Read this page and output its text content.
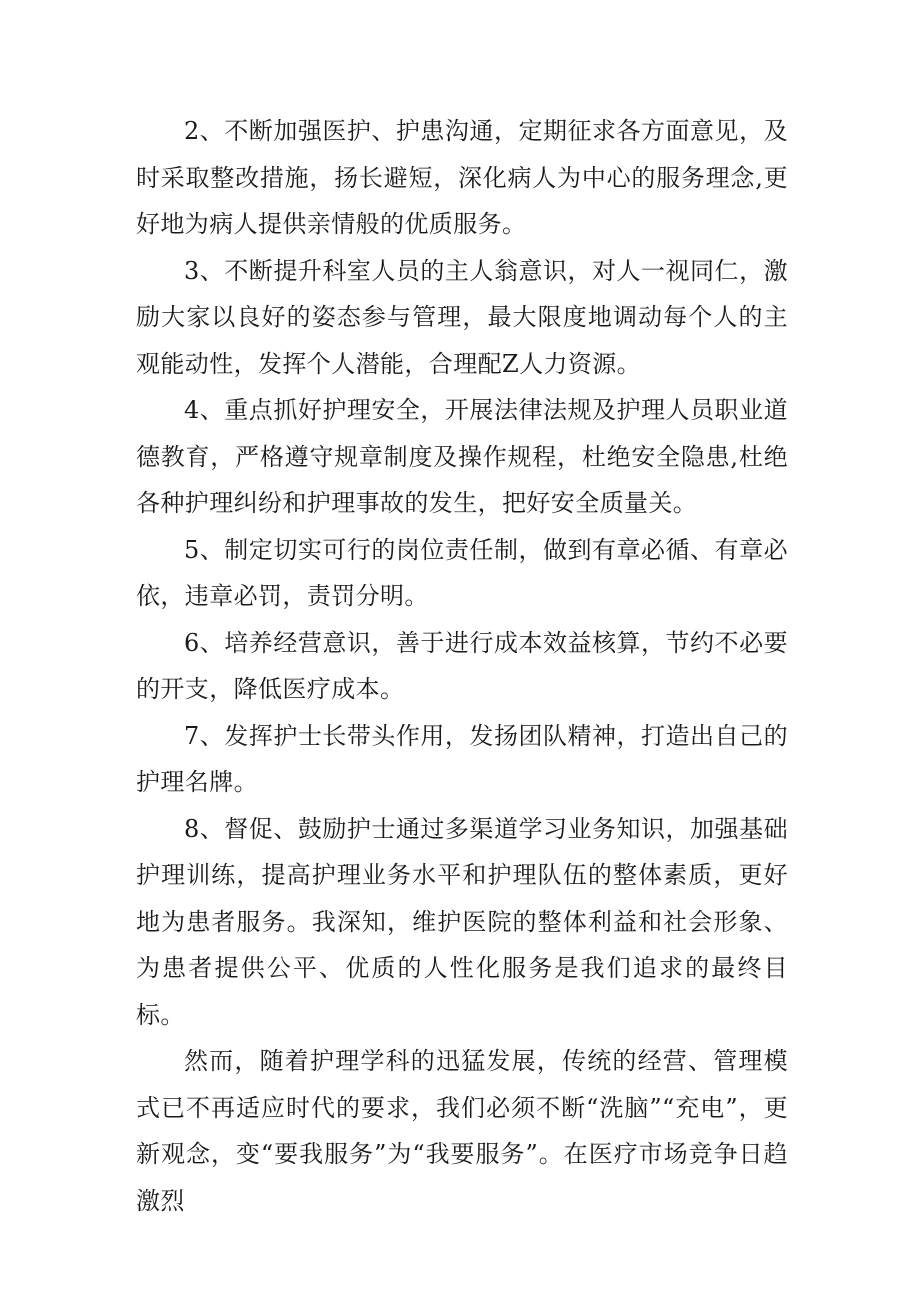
2、不断加强医护、护患沟通，定期征求各方面意见，及时采取整改措施，扬长避短，深化病人为中心的服务理念,更好地为病人提供亲情般的优质服务。

3、不断提升科室人员的主人翁意识，对人一视同仁，激励大家以良好的姿态参与管理，最大限度地调动每个人的主观能动性，发挥个人潜能，合理配Z人力资源。

4、重点抓好护理安全，开展法律法规及护理人员职业道德教育，严格遵守规章制度及操作规程，杜绝安全隐患,杜绝各种护理纠纷和护理事故的发生，把好安全质量关。

5、制定切实可行的岗位责任制，做到有章必循、有章必依，违章必罚，责罚分明。

6、培养经营意识，善于进行成本效益核算，节约不必要的开支，降低医疗成本。

7、发挥护士长带头作用，发扬团队精神，打造出自己的护理名牌。

8、督促、鼓励护士通过多渠道学习业务知识，加强基础护理训练，提高护理业务水平和护理队伍的整体素质，更好地为患者服务。我深知，维护医院的整体利益和社会形象、为患者提供公平、优质的人性化服务是我们追求的最终目标。

然而，随着护理学科的迅猛发展，传统的经营、管理模式已不再适应时代的要求，我们必须不断“洗脑”“充电”，更新观念，变“要我服务”为“我要服务”。在医疗市场竞争日趋激烈
